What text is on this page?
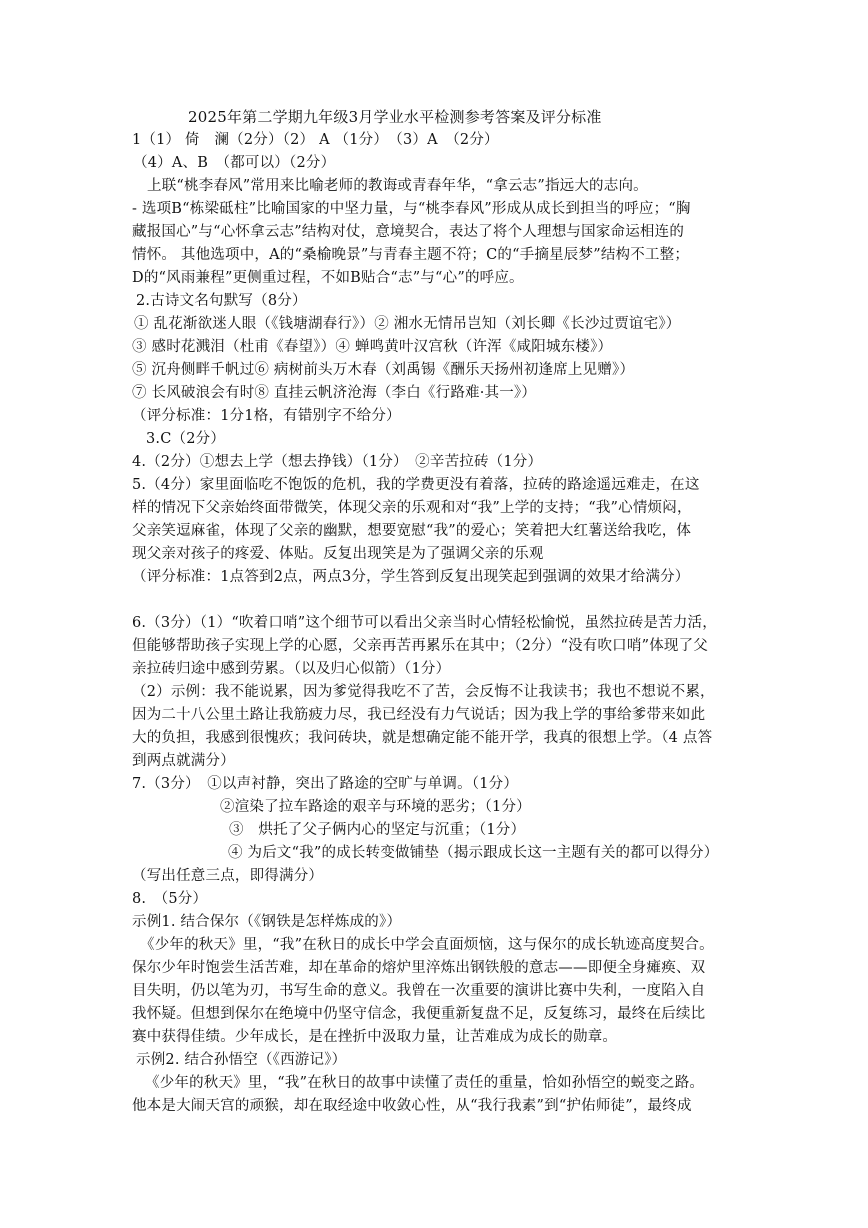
2025年第二学期九年级3月学业水平检测参考答案及评分标准
1（1） 倚　澜（2分）（2） A （1分）　（3）A　（2分）
（4）A、B　（都可以）（2分）
上联“桃李春风”常用来比喻老师的教诲或青春年华，“拿云志”指远大的志向。
- 选项B“栋梁砥柱”比喻国家的中坚力量，与“桃李春风”形成从成长到担当的呼应；“胸
藏报国心”与“心怀拿云志”结构对仗，意境契合，表达了将个人理想与国家命运相连的
情怀。 其他选项中，A的“桑榆晚景”与青春主题不符；C的“手摘星辰梦”结构不工整；
D的“风雨兼程”更侧重过程，不如B贴合“志”与“心”的呼应。
2.古诗文名句默写（8分）
① 乱花渐欲迷人眼（《钱塘湖春行》）② 湘水无情吊岂知（刘长卿《长沙过贾谊宅》）
③ 感时花溅泪（杜甫《春望》）④ 蝉鸣黄叶汉宫秋（许浑《咸阳城东楼》）
⑤ 沉舟侧畔千帆过⑥ 病树前头万木春（刘禹锡《酬乐天扬州初逢席上见赠》）
⑦ 长风破浪会有时⑧ 直挂云帆济沧海（李白《行路难·其一》）
（评分标准：1分1格，有错别字不给分）
3.C（2分）
4.（2分）①想去上学（想去挣钱）（1分）　②辛苦拉砖（1分）
5.（4分）家里面临吃不饱饭的危机，我的学费更没有着落，拉砖的路途遥远难走，在这
样的情况下父亲始终面带微笑，体现父亲的乐观和对“我”上学的支持；“我”心情烦闷，
父亲笑逗麻雀，体现了父亲的幽默，想要宽慰“我”的爱心；笑着把大红薯送给我吃，体
现父亲对孩子的疼爱、体贴。反复出现笑是为了强调父亲的乐观
（评分标准：1点答到2点，两点3分，学生答到反复出现笑起到强调的效果才给满分）
6.（3分）（1）“吹着口哨”这个细节可以看出父亲当时心情轻松愉悦，虽然拉砖是苦力活，
但能够帮助孩子实现上学的心愿，父亲再苦再累乐在其中；（2分）“没有吹口哨”体现了父
亲拉砖归途中感到劳累。（以及归心似箭）（1分）
（2）示例：我不能说累，因为爹觉得我吃不了苦，会反悔不让我读书；我也不想说不累，
因为二十八公里土路让我筋疲力尽，我已经没有力气说话；因为我上学的事给爹带来如此
大的负担，我感到很愧疚；我问砖块，就是想确定能不能开学，我真的很想上学。（4 点答
到两点就满分）
7.（3分）　①以声衬静，突出了路途的空旷与单调。（1分）
②渲染了拉车路途的艰辛与环境的恶劣；（1分）
③　烘托了父子俩内心的坚定与沉重；（1分）
④ 为后文“我”的成长转变做铺垫（揭示跟成长这一主题有关的都可以得分）
（写出任意三点，即得满分）
8.　（5分）
示例1. 结合保尔（《钢铁是怎样炼成的》）
《少年的秋天》里，“我”在秋日的成长中学会直面烦恼，这与保尔的成长轨迹高度契合。
保尔少年时饱尝生活苦难，却在革命的熔炉里淬炼出钢铁般的意志——即便全身瘫痪、双
目失明，仍以笔为刃，书写生命的意义。我曾在一次重要的演讲比赛中失利，一度陷入自
我怀疑。但想到保尔在绝境中仍坚守信念，我便重新复盘不足，反复练习，最终在后续比
赛中获得佳绩。少年成长，是在挫折中汲取力量，让苦难成为成长的勋章。
示例2. 结合孙悟空（《西游记》）
《少年的秋天》里，“我”在秋日的故事中读懂了责任的重量，恰如孙悟空的蜕变之路。
他本是大闹天宫的顽猴，却在取经途中收敛心性，从“我行我素”到“护佑师徒”，最终成
